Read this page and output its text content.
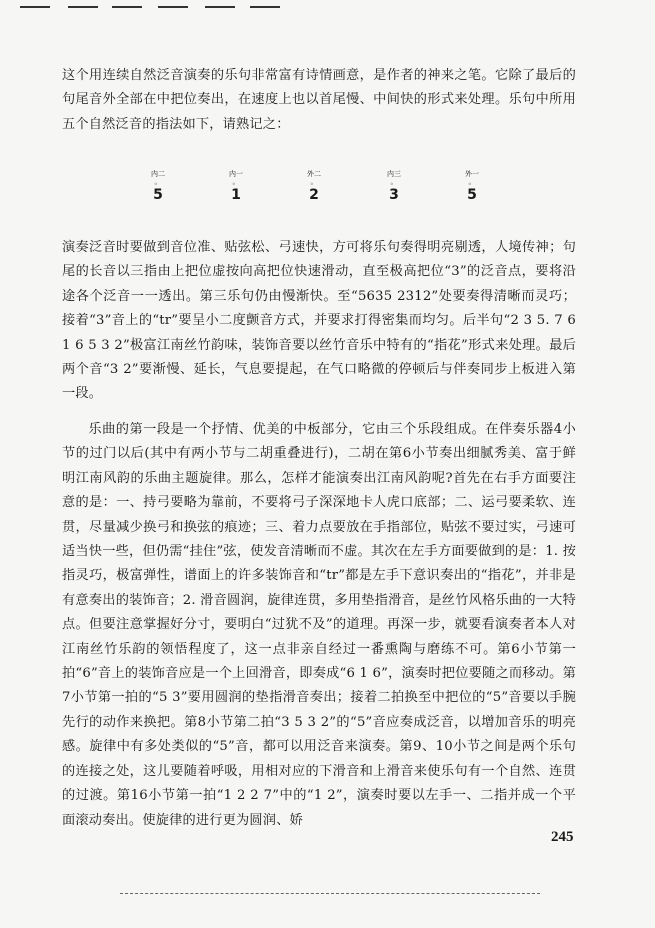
这个用连续自然泛音演奏的乐句非常富有诗情画意，是作者的神来之笔。它除了最后的句尾音外全部在中把位奏出，在速度上也以首尾慢、中间快的形式来处理。乐句中所用五个自然泛音的指法如下，请熟记之：

内二
。
5
内一
。
1
外二
。
2
内三
。
3
外一
。
5

演奏泛音时要做到音位准、贴弦松、弓速快，方可将乐句奏得明亮剔透，人境传神；句尾的长音以三指由上把位虚按向高把位快速滑动，直至极高把位“3”的泛音点，要将沿途各个泛音一一透出。第三乐句仍由慢渐快。至“5635 2312”处要奏得清晰而灵巧；接着“3”音上的“tr”要呈小二度颤音方式，并要求打得密集而均匀。后半句“2 3 5. 7 6 1 6 5 3 2”极富江南丝竹韵味，装饰音要以丝竹音乐中特有的“指花”形式来处理。最后两个音“3 2”要渐慢、延长，气息要提起，在气口略微的停顿后与伴奏同步上板进入第一段。

乐曲的第一段是一个抒情、优美的中板部分，它由三个乐段组成。在伴奏乐器4小节的过门以后(其中有两小节与二胡重叠进行)，二胡在第6小节奏出细腻秀美、富于鲜明江南风韵的乐曲主题旋律。那么，怎样才能演奏出江南风韵呢?首先在右手方面要注意的是：一、持弓要略为靠前，不要将弓子深深地卡人虎口底部；二、运弓要柔软、连贯，尽量减少换弓和换弦的痕迹；三、着力点要放在手指部位，贴弦不要过实，弓速可适当快一些，但仍需“挂住”弦，使发音清晰而不虚。其次在左手方面要做到的是：1. 按指灵巧，极富弹性，谱面上的许多装饰音和“tr”都是左手下意识奏出的“指花”，并非是有意奏出的装饰音；2. 滑音圆润，旋律连贯，多用垫指滑音，是丝竹风格乐曲的一大特点。但要注意掌握好分寸，要明白“过犹不及”的道理。再深一步，就要看演奏者本人对江南丝竹乐韵的领悟程度了，这一点非亲自经过一番熏陶与磨练不可。第6小节第一拍“6”音上的装饰音应是一个上回滑音，即奏成“6 1 6”，演奏时把位要随之而移动。第7小节第一拍的“5 3”要用圆润的垫指滑音奏出；接着二拍换至中把位的“5”音要以手腕先行的动作来换把。第8小节第二拍“3 5 3 2”的“5”音应奏成泛音，以增加音乐的明亮感。旋律中有多处类似的“5”音，都可以用泛音来演奏。第9、10小节之间是两个乐句的连接之处，这儿要随着呼吸，用相对应的下滑音和上滑音来使乐句有一个自然、连贯的过渡。第16小节第一拍“1 2 2 7”中的“1 2”，演奏时要以左手一、二指并成一个平面滚动奏出。使旋律的进行更为圆润、娇

245
